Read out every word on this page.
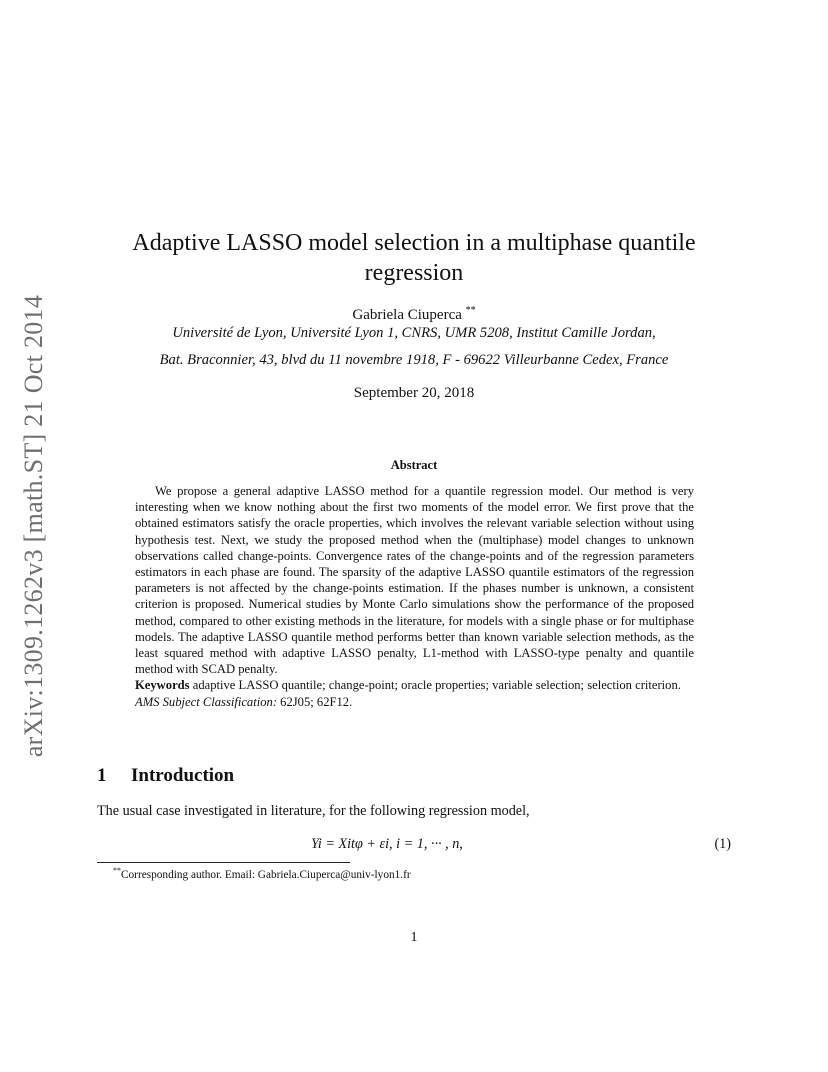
arXiv:1309.1262v3 [math.ST] 21 Oct 2014
Adaptive LASSO model selection in a multiphase quantile
regression
Gabriela Ciuperca **
Université de Lyon, Université Lyon 1, CNRS, UMR 5208, Institut Camille Jordan,
Bat. Braconnier, 43, blvd du 11 novembre 1918, F - 69622 Villeurbanne Cedex, France
September 20, 2018
Abstract

We propose a general adaptive LASSO method for a quantile regression model. Our method is very interesting when we know nothing about the first two moments of the model error. We first prove that the obtained estimators satisfy the oracle properties, which involves the relevant variable selection without using hypothesis test. Next, we study the proposed method when the (multiphase) model changes to unknown observations called change-points. Convergence rates of the change-points and of the regression parameters estimators in each phase are found. The sparsity of the adaptive LASSO quantile estimators of the regression parameters is not affected by the change-points estimation. If the phases number is unknown, a consistent criterion is proposed. Numerical studies by Monte Carlo simulations show the performance of the proposed method, compared to other existing methods in the literature, for models with a single phase or for multiphase models. The adaptive LASSO quantile method performs better than known variable selection methods, as the least squared method with adaptive LASSO penalty, L1-method with LASSO-type penalty and quantile method with SCAD penalty.

Keywords adaptive LASSO quantile; change-point; oracle properties; variable selection; selection criterion.

AMS Subject Classification: 62J05; 62F12.

1	Introduction
The usual case investigated in literature, for the following regression model,
Yi = Xitφ + εi, i = 1, ··· , n,	(1)
**Corresponding author. Email: Gabriela.Ciuperca@univ-lyon1.fr
1
